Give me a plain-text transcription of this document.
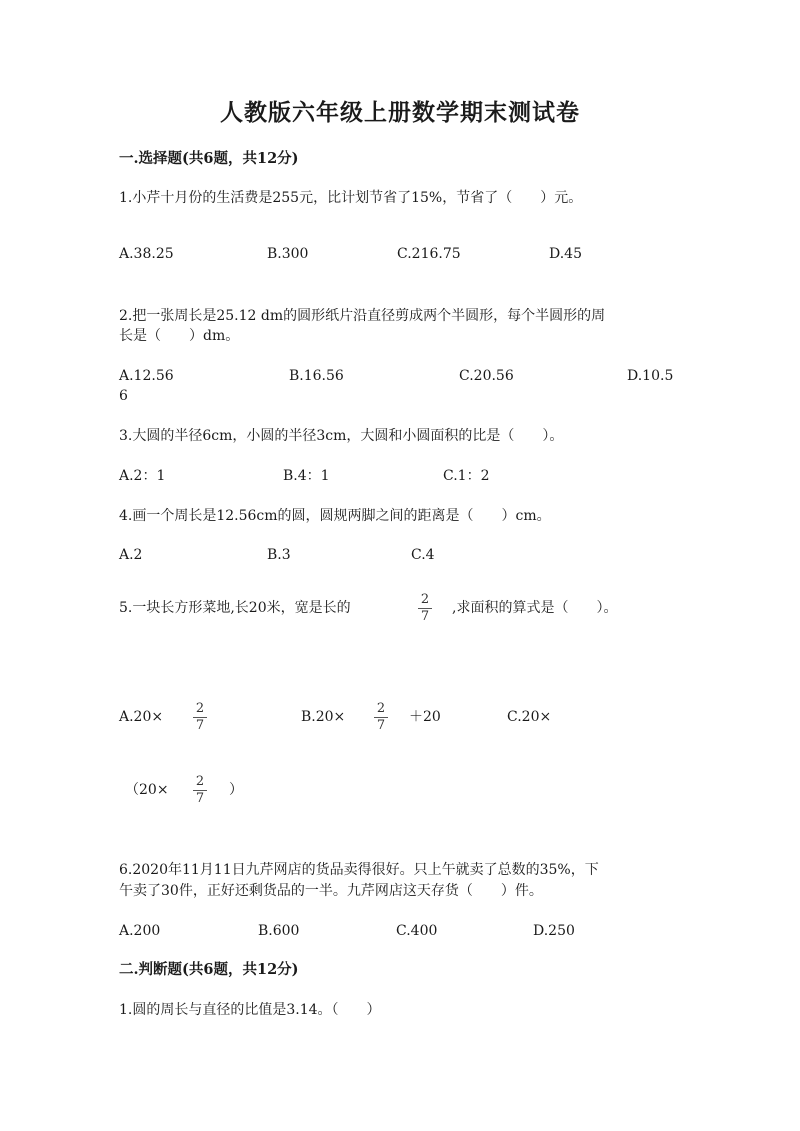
人教版六年级上册数学期末测试卷
一.选择题(共6题，共12分)
1.小芹十月份的生活费是255元，比计划节省了15%，节省了（　　）元。
A.38.25	B.300	C.216.75	D.45
2.把一张周长是25.12 dm的圆形纸片沿直径剪成两个半圆形，每个半圆形的周
长是（　　）dm。
A.12.56	B.16.56	C.20.56	D.10.5
6
3.大圆的半径6cm，小圆的半径3cm，大圆和小圆面积的比是（　　）。
A.2：1	B.4：1	C.1：2
4.画一个周长是12.56cm的圆，圆规两脚之间的距离是（　　）cm。
A.2	B.3	C.4
5.一块长方形菜地,长20米，宽是长的
2
7
,求面积的算式是（　　）。
A.20×
2
7
B.20×
2
7
＋20	C.20×
（20×
2
7
）
6.2020年11月11日九芹网店的货品卖得很好。只上午就卖了总数的35%，下
午卖了30件，正好还剩货品的一半。九芹网店这天存货（　　）件。
A.200	B.600	C.400	D.250
二.判断题(共6题，共12分)
1.圆的周长与直径的比值是3.14。（　　）
